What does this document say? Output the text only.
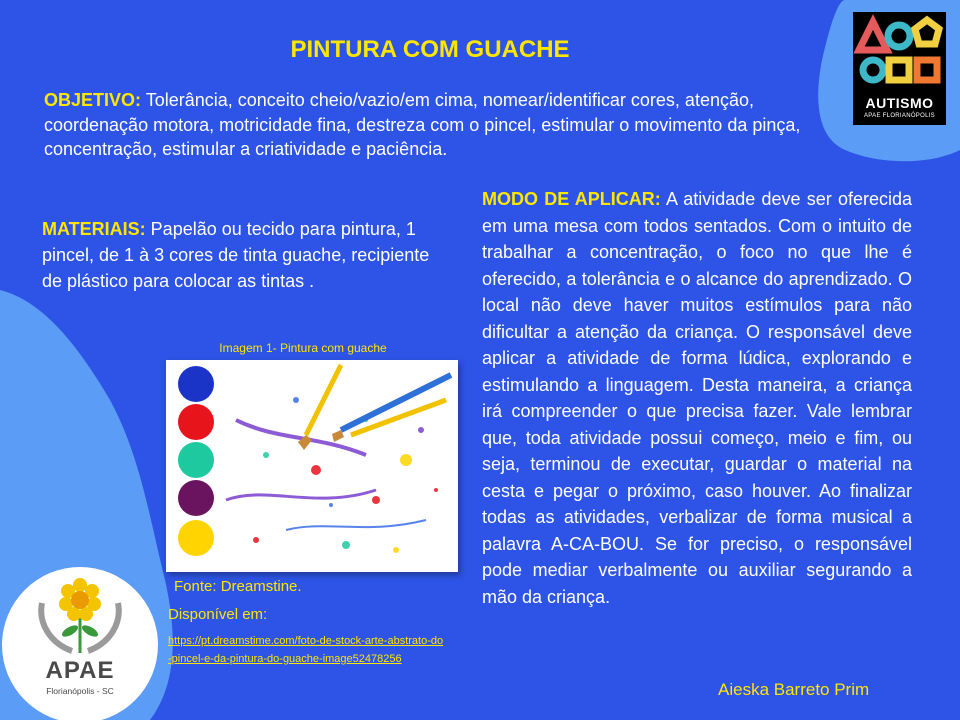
PINTURA COM GUACHE
OBJETIVO: Tolerância, conceito cheio/vazio/em cima, nomear/identificar cores, atenção, coordenação motora, motricidade fina, destreza com o pincel, estimular o movimento da pinça, concentração, estimular a criatividade e paciência.
MATERIAIS: Papelão ou tecido para pintura, 1 pincel, de 1 à 3 cores de tinta guache, recipiente de plástico para colocar as tintas .
MODO DE APLICAR: A atividade deve ser oferecida em uma mesa com todos sentados. Com o intuito de trabalhar a concentração, o foco no que lhe é oferecido, a tolerância e o alcance do aprendizado. O local não deve haver muitos estímulos para não dificultar a atenção da criança. O responsável deve aplicar a atividade de forma lúdica, explorando e estimulando a linguagem. Desta maneira, a criança irá compreender o que precisa fazer. Vale lembrar que, toda atividade possui começo, meio e fim, ou seja, terminou de executar, guardar o material na cesta e pegar o próximo, caso houver. Ao finalizar todas as atividades, verbalizar de forma musical a palavra A-CA-BOU. Se for preciso, o responsável pode mediar verbalmente ou auxiliar segurando a mão da criança.
Imagem 1- Pintura com guache
Fonte: Dreamstine.
Disponível em:
https://pt.dreamstime.com/foto-de-stock-arte-abstrato-do-pincel-e-da-pintura-do-guache-image52478256
Aieska Barreto Prim
AUTISMO
APAE FLORIANÓPOLIS
APAE
Florianópolis - SC
